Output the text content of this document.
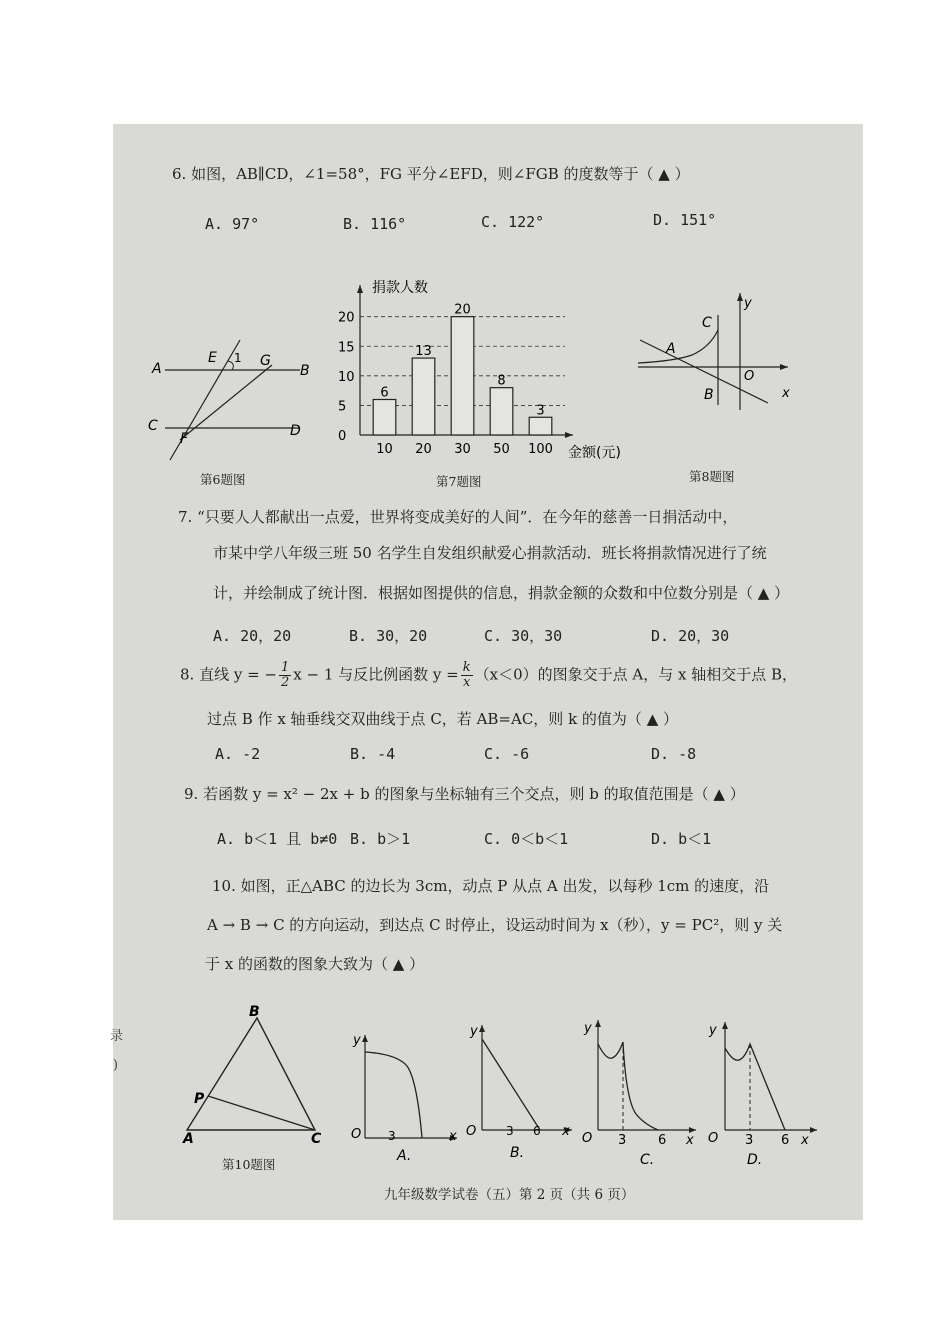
录
)
6. 如图，AB∥CD，∠1=58°，FG 平分∠EFD，则∠FGB 的度数等于（ ▲ ）
A. 97°	B. 116°	C. 122°	D. 151°
A
E 1 G
B
C
F	D
第6题图
捐款人数
金额(元)
0
5
10
15
20
6
10
13
20
20
30
8
50
3
100
第7题图
y
C
A
O
x
B
第8题图
7. “只要人人都献出一点爱，世界将变成美好的人间”．在今年的慈善一日捐活动中，
市某中学八年级三班 50 名学生自发组织献爱心捐款活动．班长将捐款情况进行了统
计，并绘制成了统计图．根据如图提供的信息，捐款金额的众数和中位数分别是（ ▲ ）
A. 20，20	B. 30，20	C. 30，30	D. 20，30
8. 直线 y = − $\frac{1}{2}$ x − 1 与反比例函数 $y = \frac{k}{x} (x<0)$的图象交于点 A，与 x 轴相交于点 B，
过点 B 作 x 轴垂线交双曲线于点 C，若 AB=AC，则 k 的值为（ ▲ ）
A. -2	B. -4	C. -6	D. -8
9. 若函数 y = x² − 2x + b 的图象与坐标轴有三个交点，则 b 的取值范围是（ ▲ ）
A. b＜1 且 b≠0 B. b＞1	C. 0＜b＜1	D. b＜1
10. 如图，正△ABC 的边长为 3cm，动点 P 从点 A 出发，以每秒 1cm 的速度，沿
A → B → C 的方向运动，到达点 C 时停止，设运动时间为 x（秒），y = PC²，则 y 关
于 x 的函数的图象大致为（ ▲ ）
B
P
A	C
第10题图
y
O 3	x
A.
y
O 3 6 x
B.
y
O 3 6 x
C.
y
O 3 6 x
D.
九年级数学试卷（五）第 2 页（共 6 页）
